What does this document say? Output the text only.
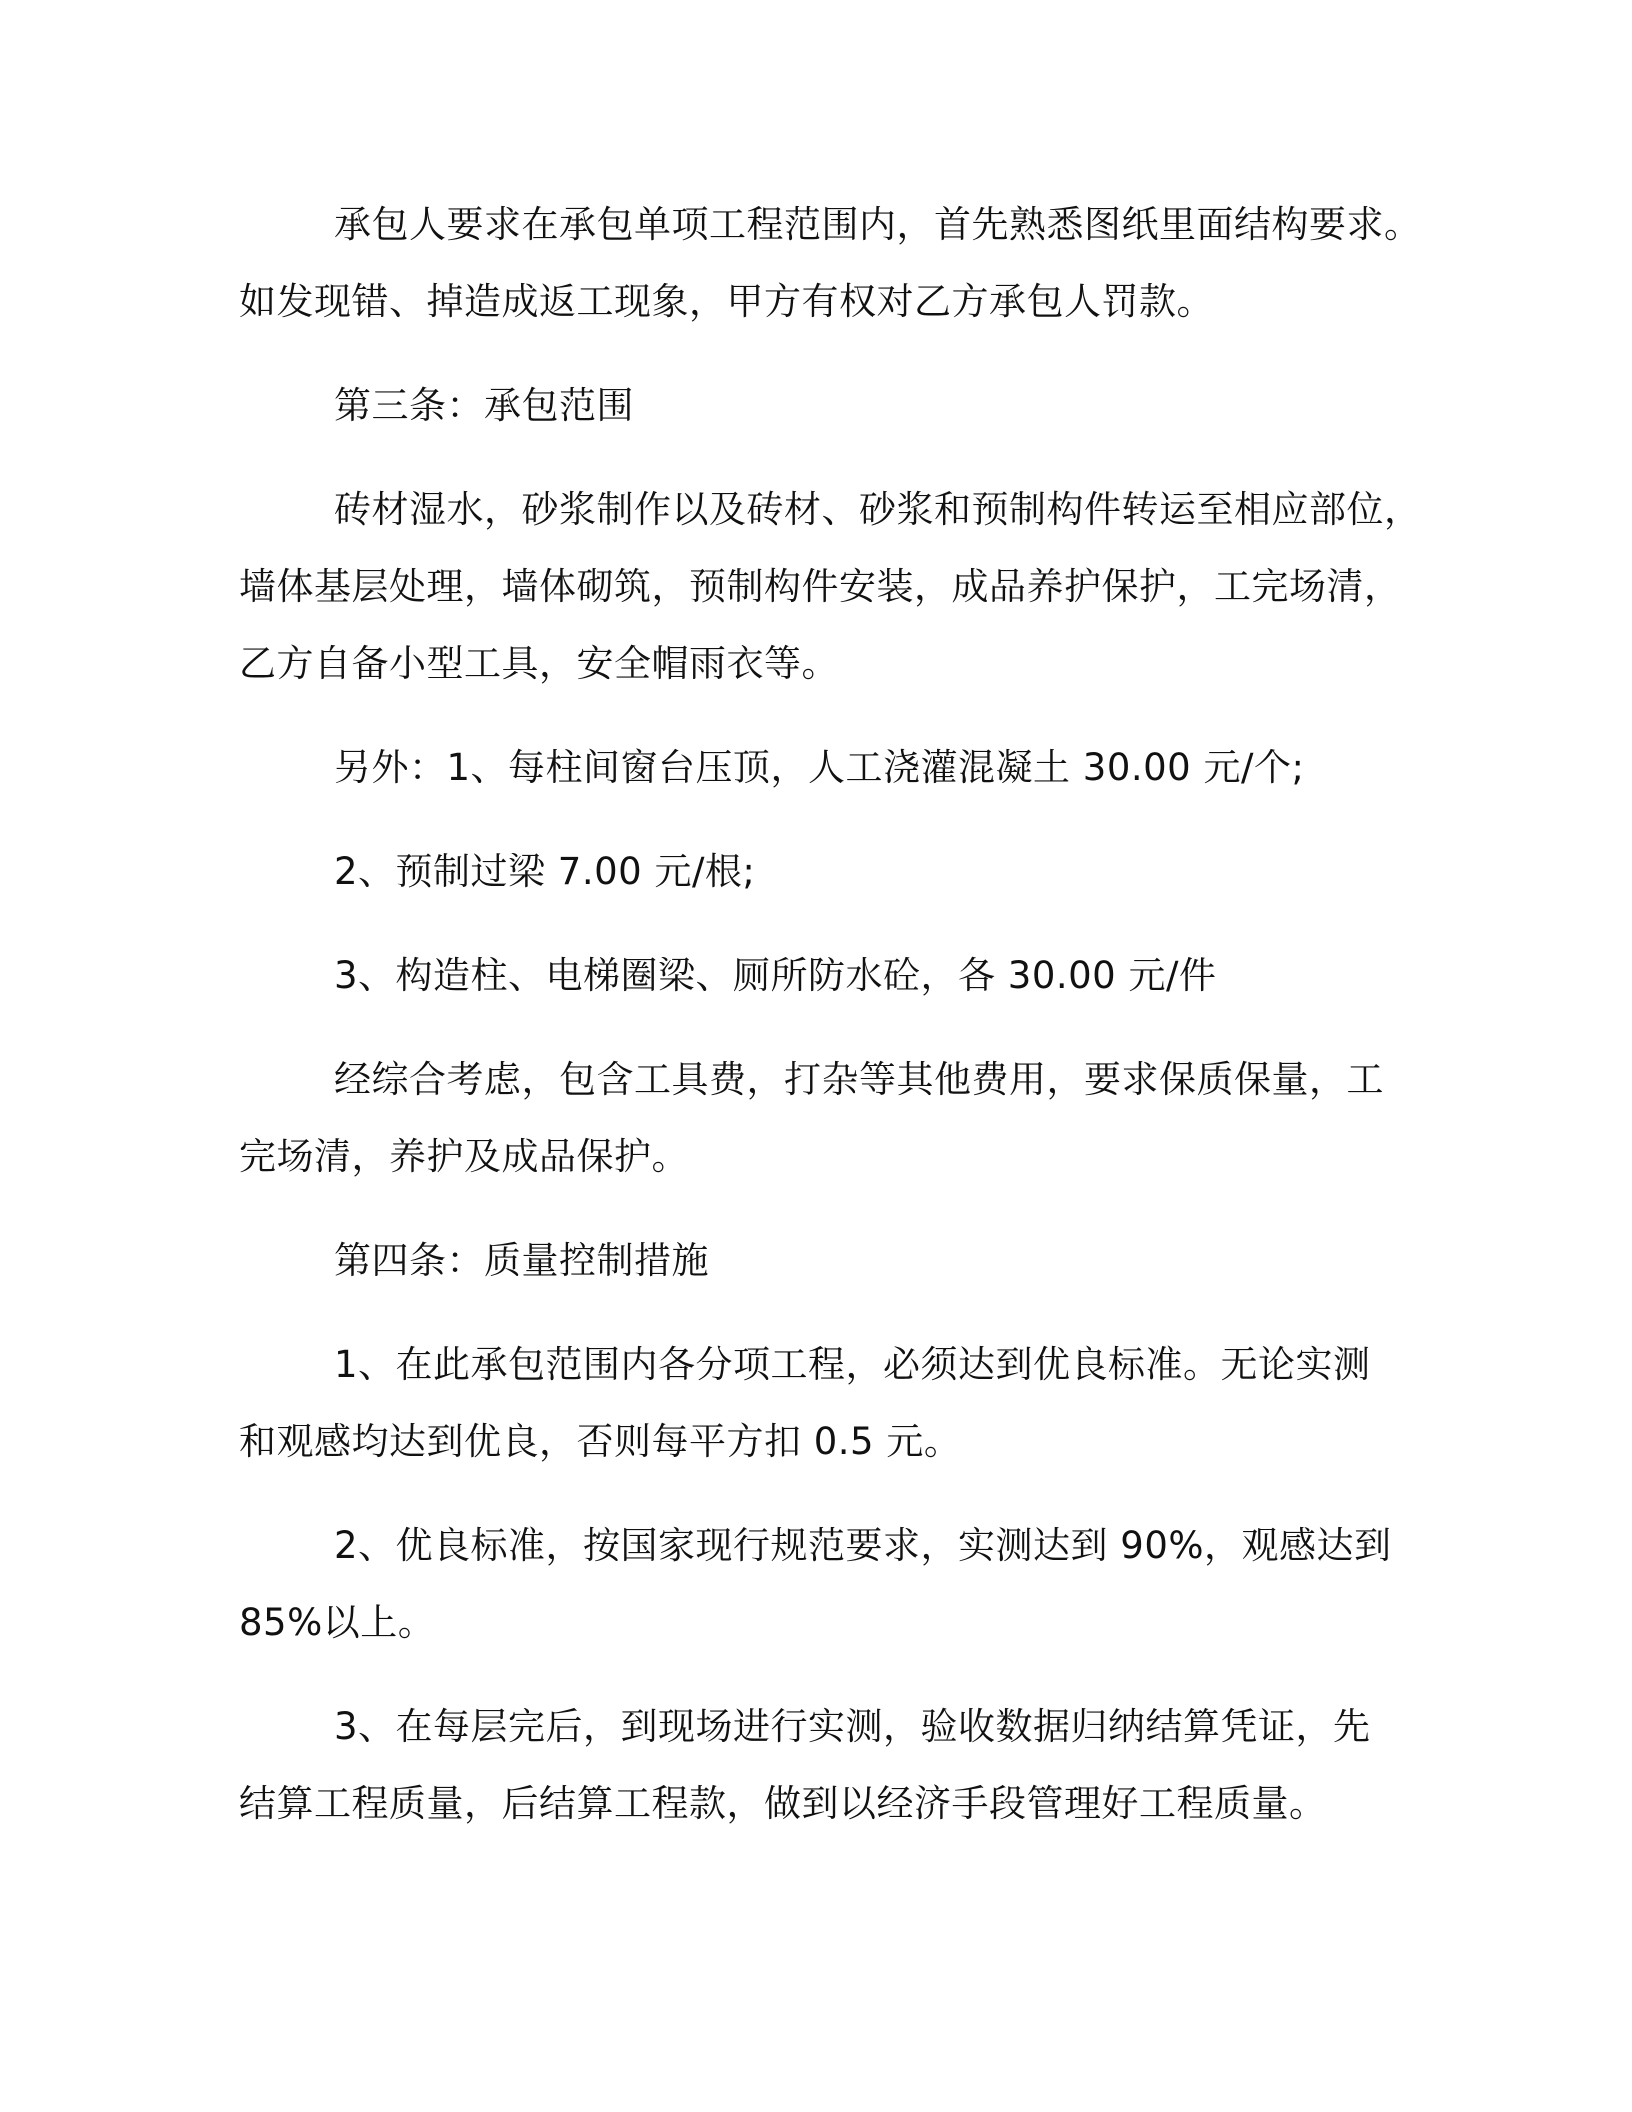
承包人要求在承包单项工程范围内，首先熟悉图纸里面结构要求。
如发现错、掉造成返工现象，甲方有权对乙方承包人罚款。

第三条：承包范围

砖材湿水，砂浆制作以及砖材、砂浆和预制构件转运至相应部位，
墙体基层处理，墙体砌筑，预制构件安装，成品养护保护，工完场清，
乙方自备小型工具，安全帽雨衣等。

另外：1、每柱间窗台压顶，人工浇灌混凝土 30.00 元/个;

2、预制过梁 7.00 元/根;

3、构造柱、电梯圈梁、厕所防水砼，各 30.00 元/件

经综合考虑，包含工具费，打杂等其他费用，要求保质保量，工
完场清，养护及成品保护。

第四条：质量控制措施

1、在此承包范围内各分项工程，必须达到优良标准。无论实测
和观感均达到优良，否则每平方扣 0.5 元。

2、优良标准，按国家现行规范要求，实测达到 90%，观感达到
85%以上。

3、在每层完后，到现场进行实测，验收数据归纳结算凭证，先
结算工程质量，后结算工程款，做到以经济手段管理好工程质量。
